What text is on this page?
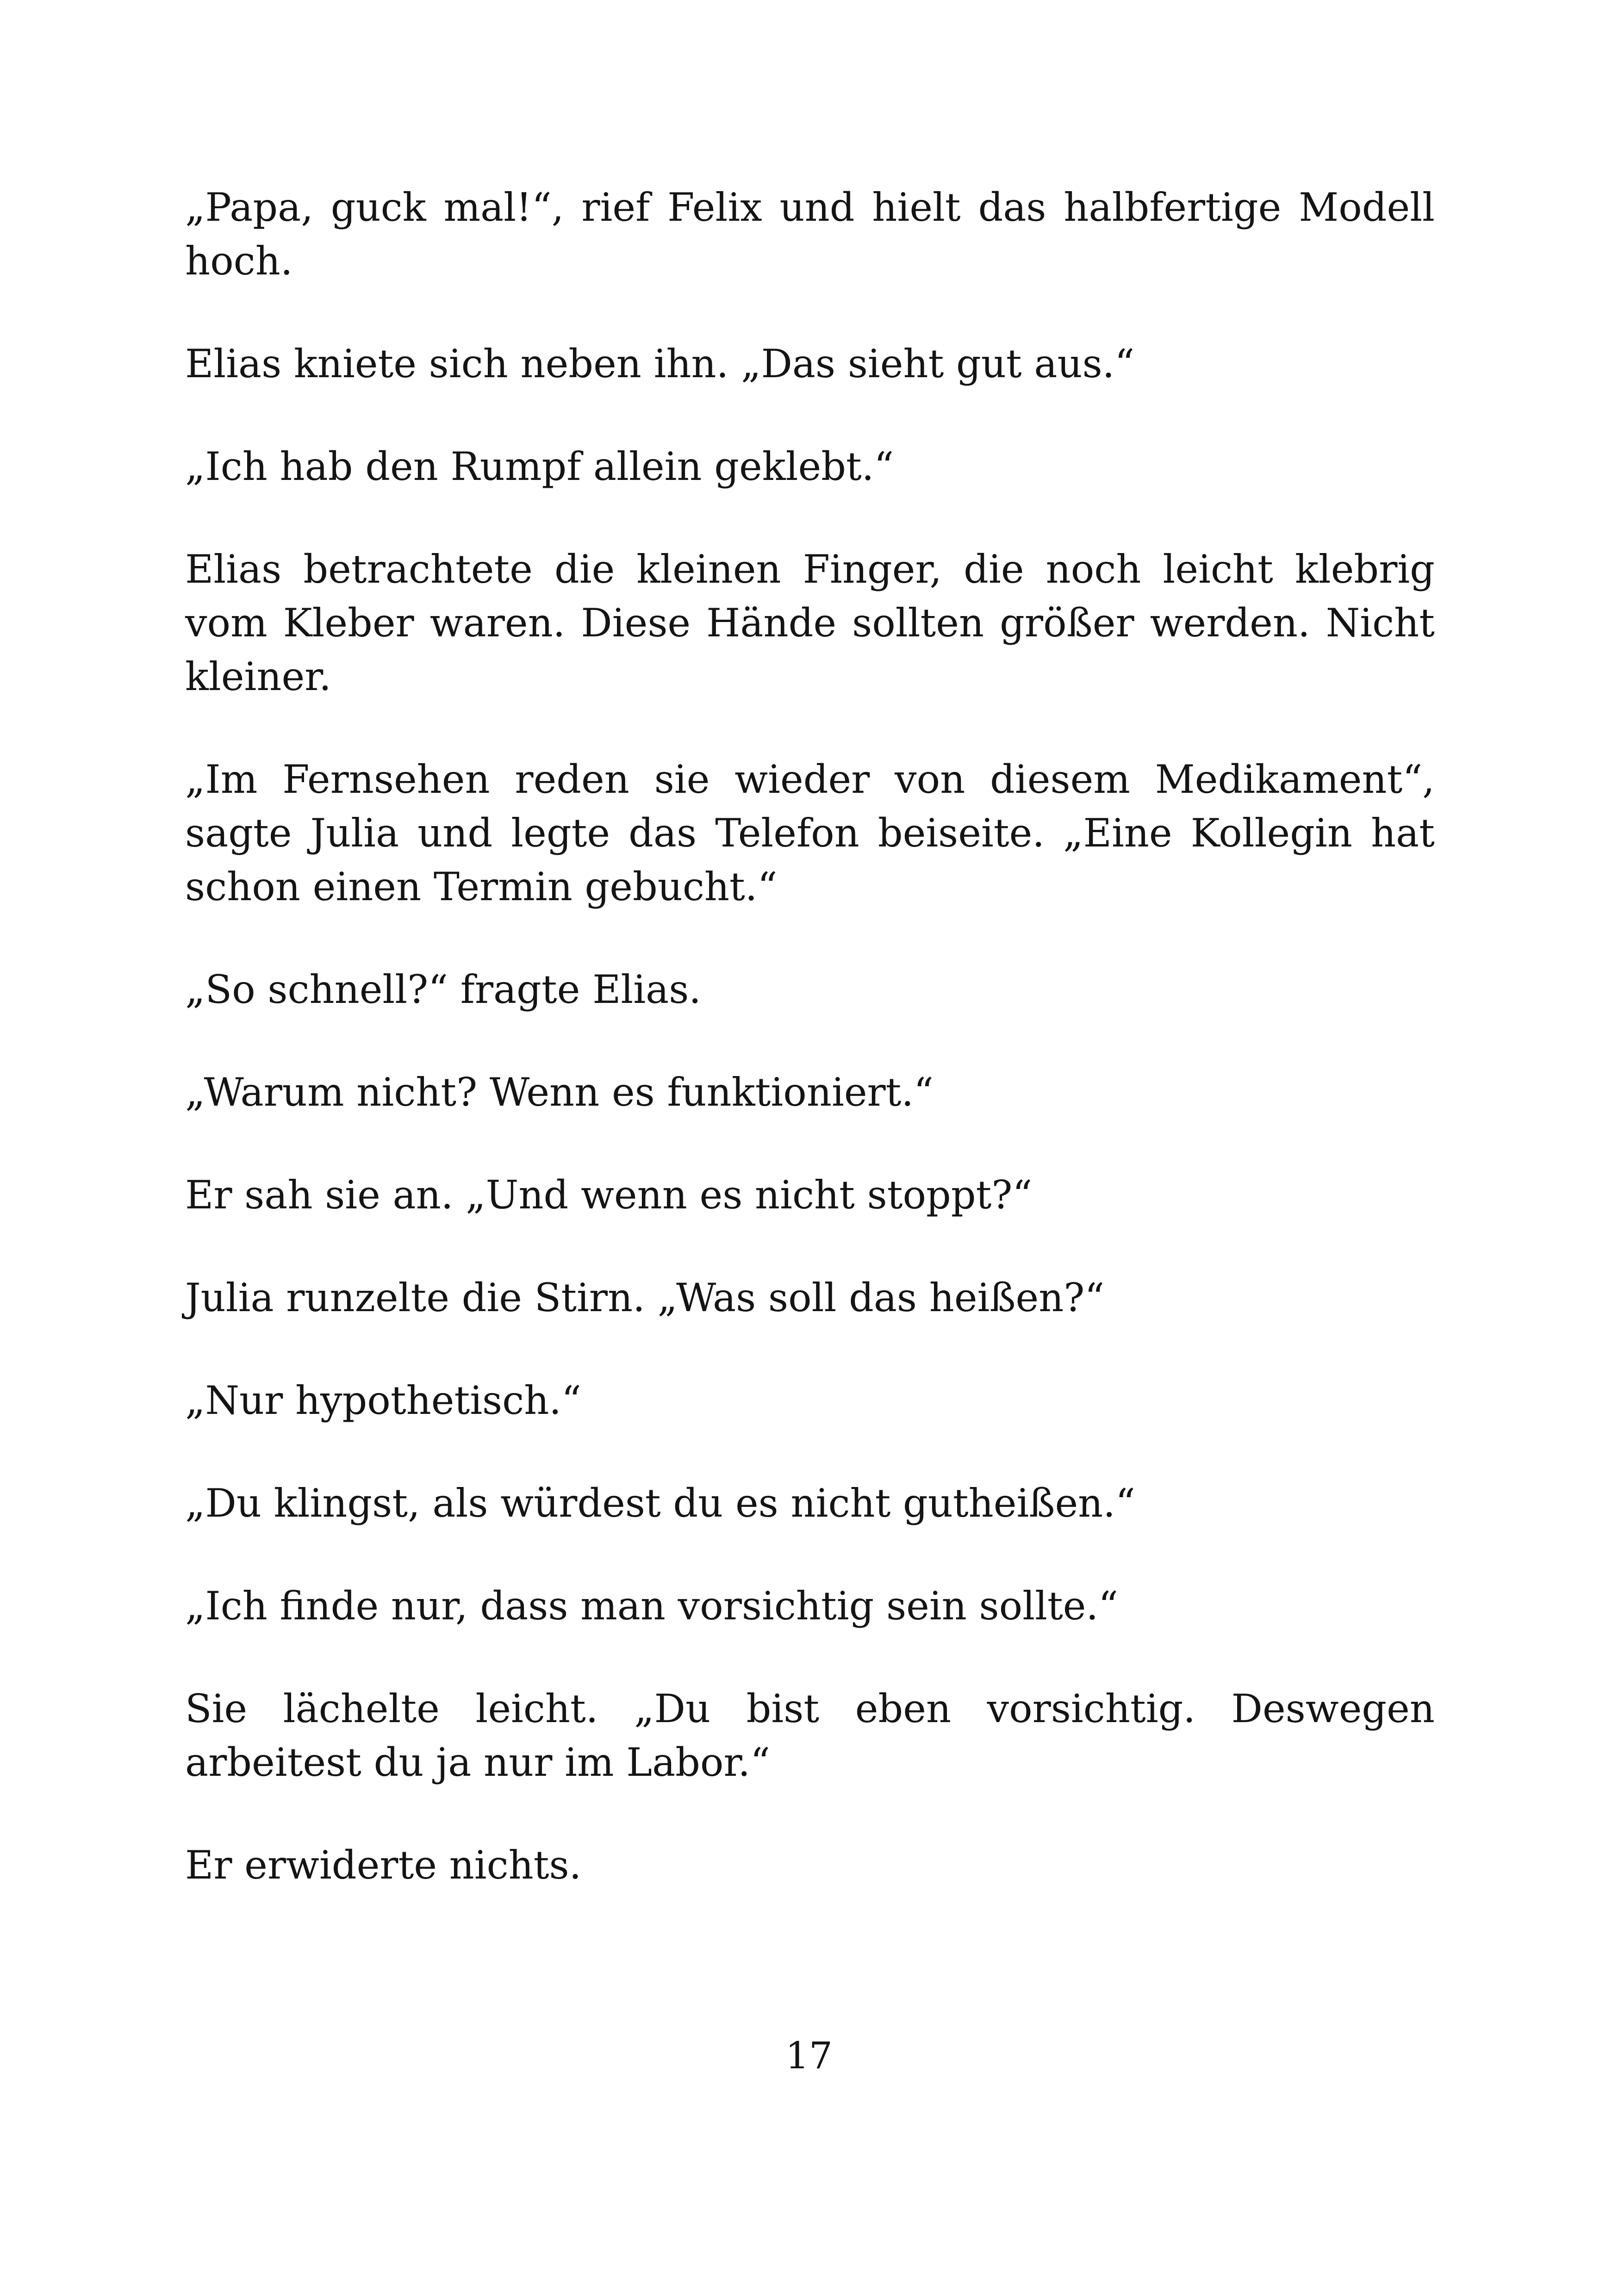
„Papa, guck mal!“, rief Felix und hielt das halbfertige Modell hoch.

Elias kniete sich neben ihn. „Das sieht gut aus.“

„Ich hab den Rumpf allein geklebt.“

Elias betrachtete die kleinen Finger, die noch leicht klebrig vom Kleber waren. Diese Hände sollten größer werden. Nicht kleiner.

„Im Fernsehen reden sie wieder von diesem Medikament“, sagte Julia und legte das Telefon beiseite. „Eine Kollegin hat schon einen Termin gebucht.“

„So schnell?“ fragte Elias.

„Warum nicht? Wenn es funktioniert.“

Er sah sie an. „Und wenn es nicht stoppt?“

Julia runzelte die Stirn. „Was soll das heißen?“

„Nur hypothetisch.“

„Du klingst, als würdest du es nicht gutheißen.“

„Ich finde nur, dass man vorsichtig sein sollte.“

Sie lächelte leicht. „Du bist eben vorsichtig. Deswegen arbeitest du ja nur im Labor.“

Er erwiderte nichts.

17
